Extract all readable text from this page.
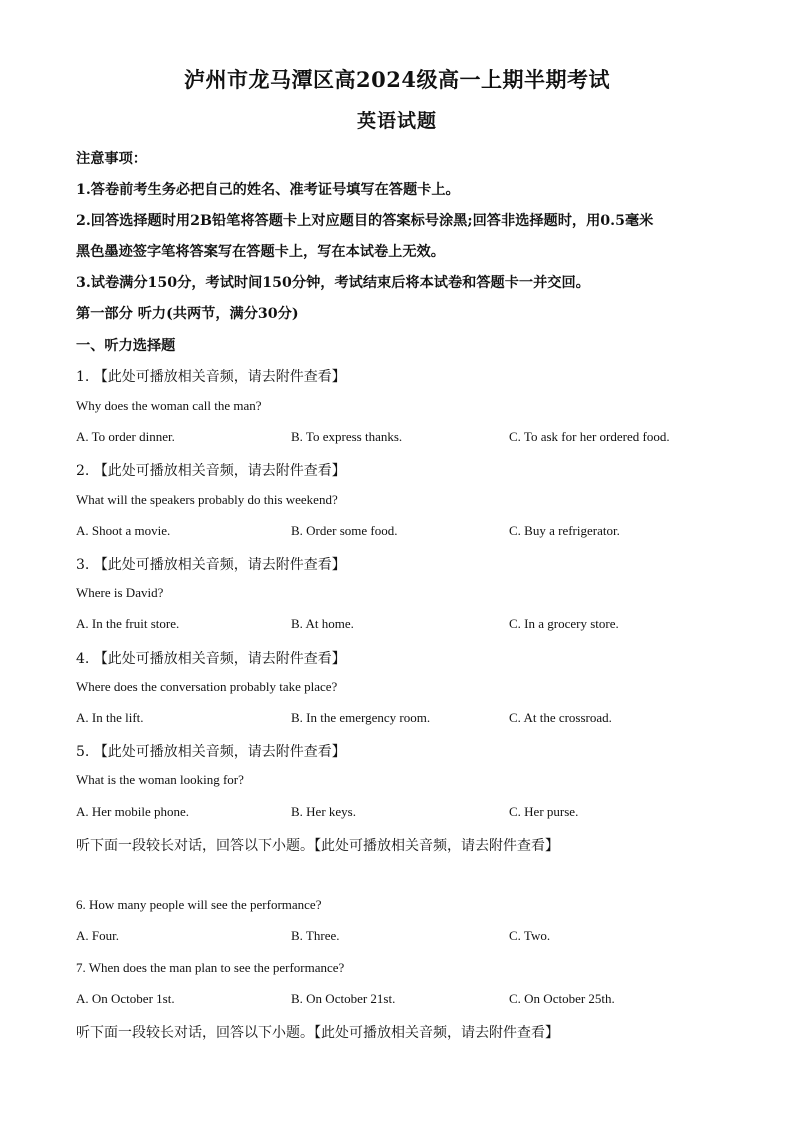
泸州市龙马潭区高2024级高一上期半期考试
英语试题
注意事项：
1.答卷前考生务必把自己的姓名、准考证号填写在答题卡上。
2.回答选择题时用2B铅笔将答题卡上对应题目的答案标号涂黑;回答非选择题时，用0.5毫米
黑色墨迹签字笔将答案写在答题卡上，写在本试卷上无效。
3.试卷满分150分，考试时间150分钟，考试结束后将本试卷和答题卡一并交回。
第一部分 听力(共两节，满分30分)
一、听力选择题
1. 【此处可播放相关音频，请去附件查看】
Why does the woman call the man?
A. To order dinner.	B. To express thanks.	C. To ask for her ordered food.
2. 【此处可播放相关音频，请去附件查看】
What will the speakers probably do this weekend?
A. Shoot a movie.	B. Order some food.	C. Buy a refrigerator.
3. 【此处可播放相关音频，请去附件查看】
Where is David?
A. In the fruit store.	B. At home.	C. In a grocery store.
4. 【此处可播放相关音频，请去附件查看】
Where does the conversation probably take place?
A. In the lift.	B. In the emergency room.	C. At the crossroad.
5. 【此处可播放相关音频，请去附件查看】
What is the woman looking for?
A. Her mobile phone.	B. Her keys.	C. Her purse.
听下面一段较长对话，回答以下小题。【此处可播放相关音频，请去附件查看】
6. How many people will see the performance?
A. Four.	B. Three.	C. Two.
7. When does the man plan to see the performance?
A. On October 1st.	B. On October 21st.	C. On October 25th.
听下面一段较长对话，回答以下小题。【此处可播放相关音频，请去附件查看】
